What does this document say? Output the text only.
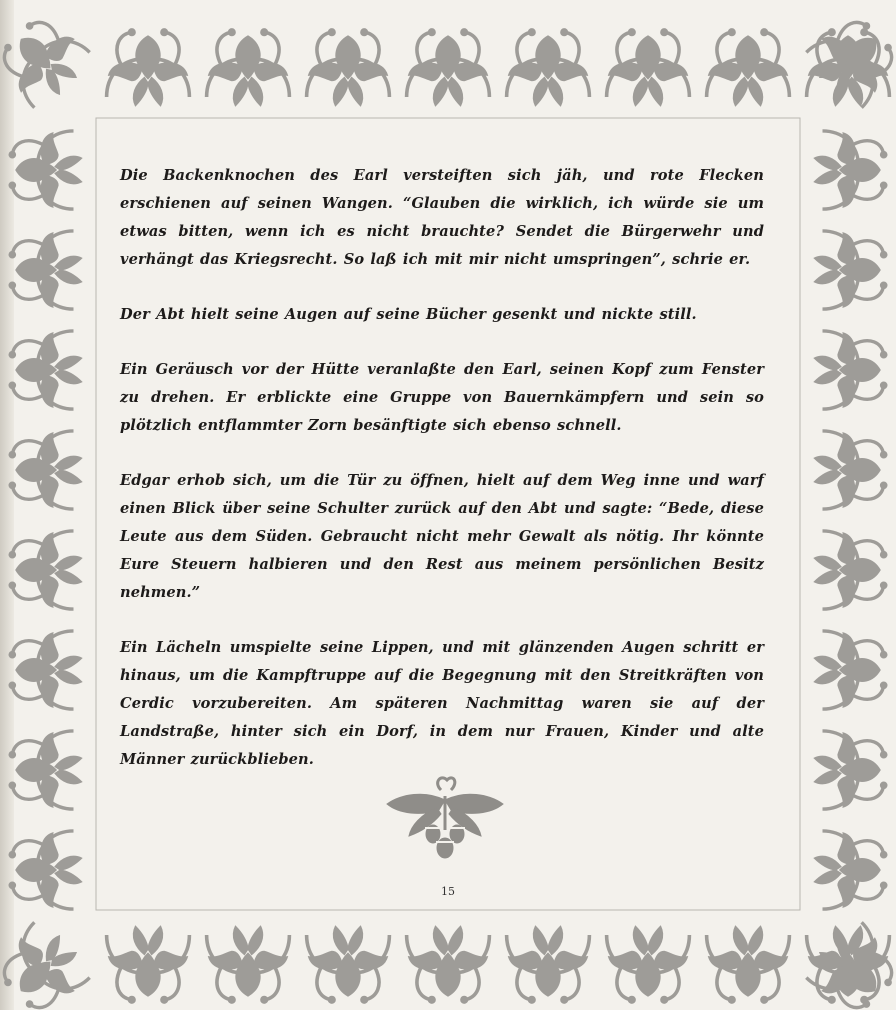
Die Backenknochen des Earl versteiften sich jäh, und rote Flecken erschienen auf seinen Wangen. “Glauben die wirklich, ich würde sie um etwas bitten, wenn ich es nicht brauchte? Sendet die Bürgerwehr und verhängt das Kriegsrecht. So laß ich mit mir nicht umspringen”, schrie er.

Der Abt hielt seine Augen auf seine Bücher gesenkt und nickte still.

Ein Geräusch vor der Hütte veranlaßte den Earl, seinen Kopf zum Fenster zu drehen. Er erblickte eine Gruppe von Bauernkämpfern und sein so plötzlich entflammter Zorn besänftigte sich ebenso schnell.

Edgar erhob sich, um die Tür zu öffnen, hielt auf dem Weg inne und warf einen Blick über seine Schulter zurück auf den Abt und sagte: “Bede, diese Leute aus dem Süden. Gebraucht nicht mehr Gewalt als nötig. Ihr könnte Eure Steuern halbieren und den Rest aus meinem persönlichen Besitz nehmen.”

Ein Lächeln umspielte seine Lippen, und mit glänzenden Augen schritt er hinaus, um die Kampftruppe auf die Begegnung mit den Streitkräften von Cerdic vorzubereiten. Am späteren Nachmittag waren sie auf der Landstraße, hinter sich ein Dorf, in dem nur Frauen, Kinder und alte Männer zurückblieben.

15
